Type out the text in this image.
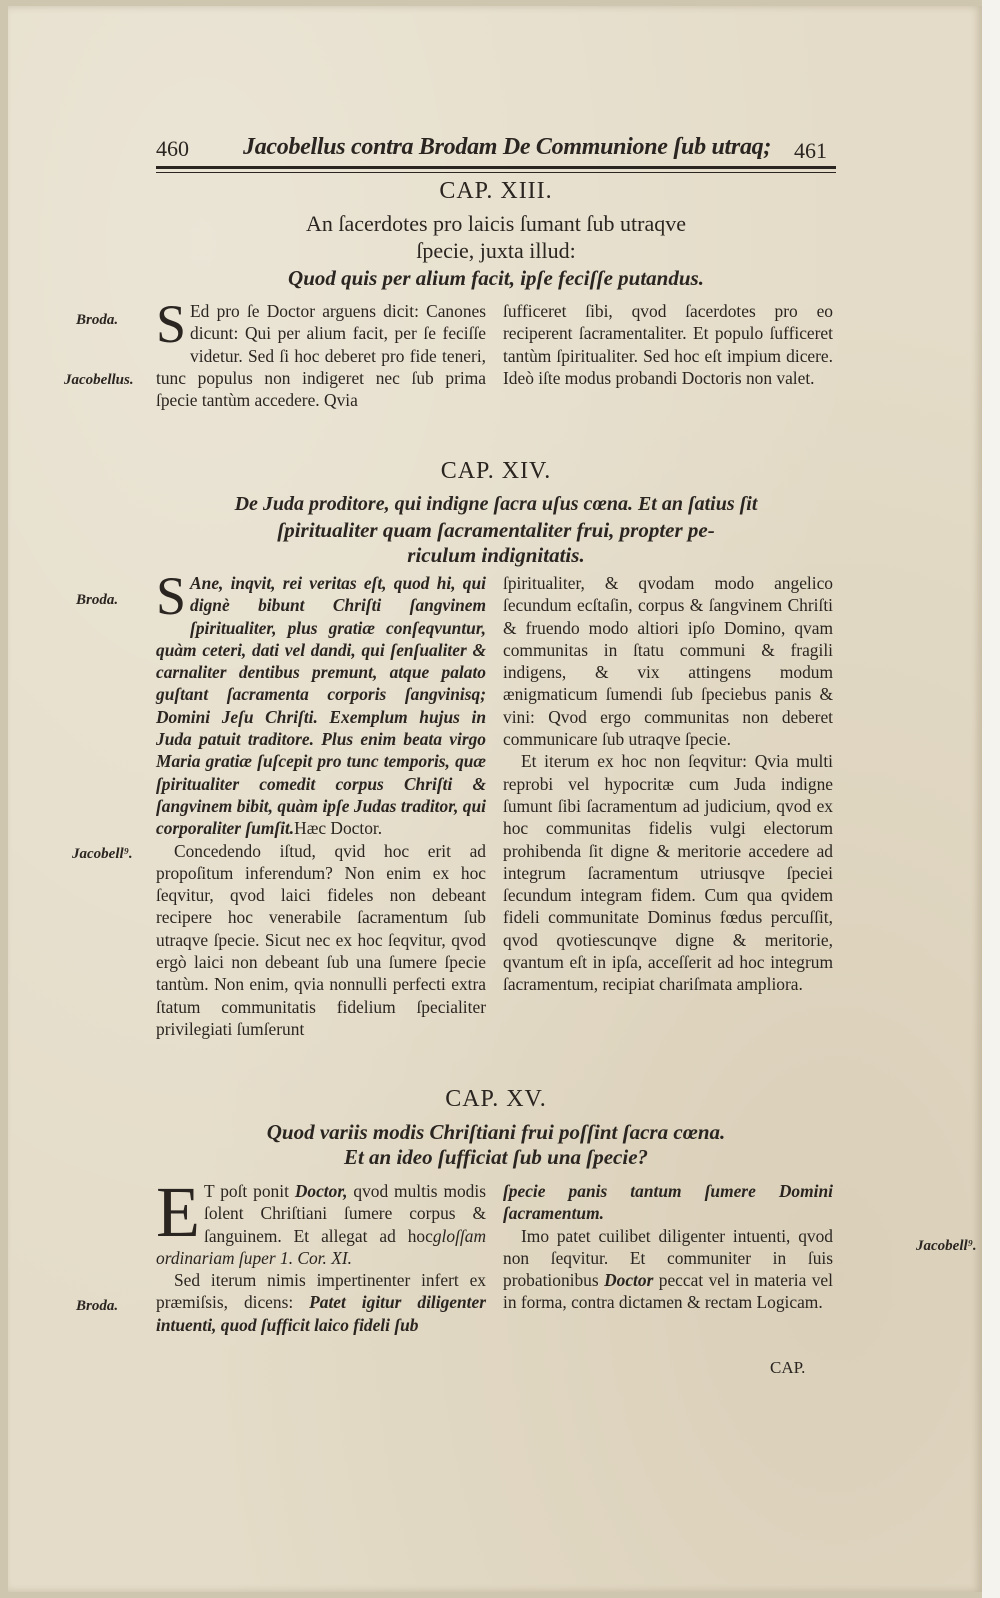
460 Jacobellus contra Brodam De Communione ſub utraq;	461
CAP. XIII.
An ſacerdotes pro laicis ſumant ſub utraqve
ſpecie, juxta illud:
Quod quis per alium facit, ipſe feciſſe putandus.
Broda.
Jacobellus.
S Ed pro ſe Doctor arguens dicit: Canones dicunt: Qui per alium facit, per ſe feciſſe videtur. Sed ſi hoc deberet pro fide teneri, tunc populus non indigeret nec ſub prima ſpecie tantùm accedere. Qvia
ſufficeret ſibi, qvod ſacerdotes pro eo reciperent ſacramentaliter. Et populo ſufficeret tantùm ſpiritualiter. Sed hoc eſt impium dicere. Ideò iſte modus probandi Doctoris non valet.
CAP. XIV.
De Juda proditore, qui indigne ſacra uſus cœna. Et an ſatius ſit
ſpiritualiter quam ſacramentaliter frui, propter pe-
riculum indignitatis.
Broda.
Jacobell⁹.
S Ane, inqvit, rei veritas eſt, quod hi, qui dignè bibunt Chriſti ſangvinem ſpiritualiter, plus gratiæ conſeqvuntur, quàm ceteri, dati vel dandi, qui ſenſualiter & carnaliter dentibus premunt, atque palato guſtant ſacramenta corporis ſangvinisq; Domini Jeſu Chriſti. Exemplum hujus in Juda patuit traditore. Plus enim beata virgo Maria gratiæ ſuſcepit pro tunc temporis, quæ ſpiritualiter comedit corpus Chriſti & ſangvinem bibit, quàm ipſe Judas traditor, qui corporaliter ſumſit.Hæc Doctor.

Concedendo iſtud, qvid hoc erit ad propoſitum inferendum? Non enim ex hoc ſeqvitur, qvod laici fideles non debeant recipere hoc venerabile ſacramentum ſub utraqve ſpecie. Sicut nec ex hoc ſeqvitur, qvod ergò laici non debeant ſub una ſumere ſpecie tantùm. Non enim, qvia nonnulli perfecti extra ſtatum communitatis fidelium ſpecialiter privilegiati ſumſerunt

ſpiritualiter, & qvodam modo angelico ſecundum ecſtaſin, corpus & ſangvinem Chriſti & fruendo modo altiori ipſo Domino, qvam communitas in ſtatu communi & fragili indigens, & vix attingens modum ænigmaticum ſumendi ſub ſpeciebus panis & vini: Qvod ergo communitas non deberet communicare ſub utraqve ſpecie.

Et iterum ex hoc non ſeqvitur: Qvia multi reprobi vel hypocritæ cum Juda indigne ſumunt ſibi ſacramentum ad judicium, qvod ex hoc communitas fidelis vulgi electorum prohibenda ſit digne & meritorie accedere ad integrum ſacramentum utriusqve ſpeciei ſecundum integram fidem. Cum qua qvidem fideli communitate Dominus fœdus percuſſit, qvod qvotiescunqve digne & meritorie, qvantum eſt in ipſa, acceſſerit ad hoc integrum ſacramentum, recipiat chariſmata ampliora.

CAP. XV.
Quod variis modis Chriſtiani frui poſſint ſacra cœna.
Et an ideo ſufficiat ſub una ſpecie?
Broda.
Jacobell⁹.
E T poſt ponit Doctor, qvod multis modis ſolent Chriſtiani ſumere corpus & ſanguinem. Et allegat ad hocgloſſam ordinariam ſuper 1. Cor. XI.

Sed iterum nimis impertinenter infert ex præmiſsis, dicens: Patet igitur diligenter intuenti, quod ſufficit laico fideli ſub

ſpecie panis tantum ſumere Domini ſacramentum.

Imo patet cuilibet diligenter intuenti, qvod non ſeqvitur. Et communiter in ſuis probationibus Doctor peccat vel in materia vel in forma, contra dictamen & rectam Logicam.

CAP.
